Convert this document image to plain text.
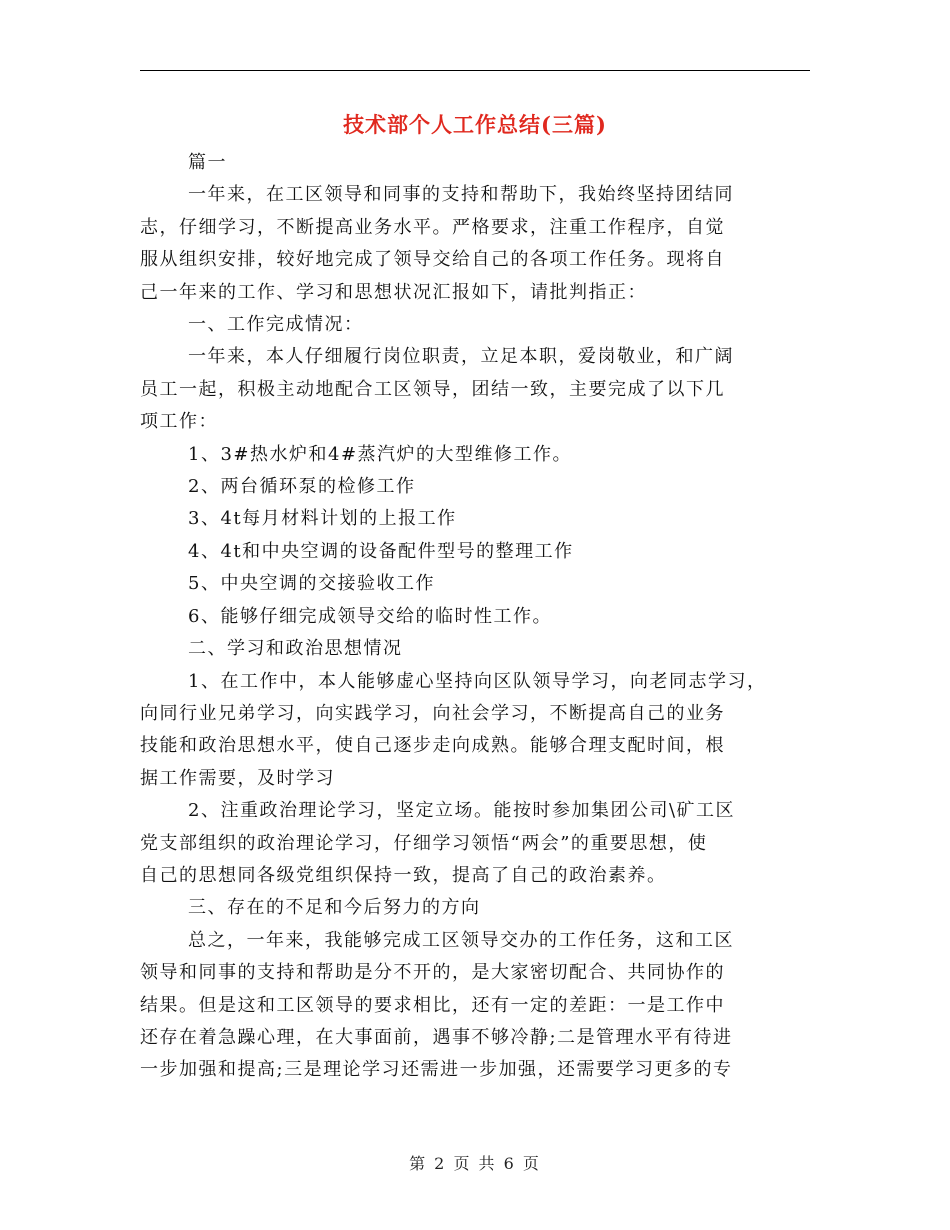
技术部个人工作总结(三篇)

篇一

一年来，在工区领导和同事的支持和帮助下，我始终坚持团结同

志，仔细学习，不断提高业务水平。严格要求，注重工作程序，自觉

服从组织安排，较好地完成了领导交给自己的各项工作任务。现将自

己一年来的工作、学习和思想状况汇报如下，请批判指正：

一、工作完成情况：

一年来，本人仔细履行岗位职责，立足本职，爱岗敬业，和广阔

员工一起，积极主动地配合工区领导，团结一致，主要完成了以下几

项工作：

1、3#热水炉和4#蒸汽炉的大型维修工作。

2、两台循环泵的检修工作

3、4t每月材料计划的上报工作

4、4t和中央空调的设备配件型号的整理工作

5、中央空调的交接验收工作

6、能够仔细完成领导交给的临时性工作。

二、学习和政治思想情况

1、在工作中，本人能够虚心坚持向区队领导学习，向老同志学习，

向同行业兄弟学习，向实践学习，向社会学习，不断提高自己的业务

技能和政治思想水平，使自己逐步走向成熟。能够合理支配时间，根

据工作需要，及时学习

2、注重政治理论学习，坚定立场。能按时参加集团公司\矿工区

党支部组织的政治理论学习，仔细学习领悟“两会”的重要思想，使

自己的思想同各级党组织保持一致，提高了自己的政治素养。

三、存在的不足和今后努力的方向

总之，一年来，我能够完成工区领导交办的工作任务，这和工区

领导和同事的支持和帮助是分不开的，是大家密切配合、共同协作的

结果。但是这和工区领导的要求相比，还有一定的差距：一是工作中

还存在着急躁心理，在大事面前，遇事不够冷静;二是管理水平有待进

一步加强和提高;三是理论学习还需进一步加强，还需要学习更多的专

第 2 页 共 6 页
